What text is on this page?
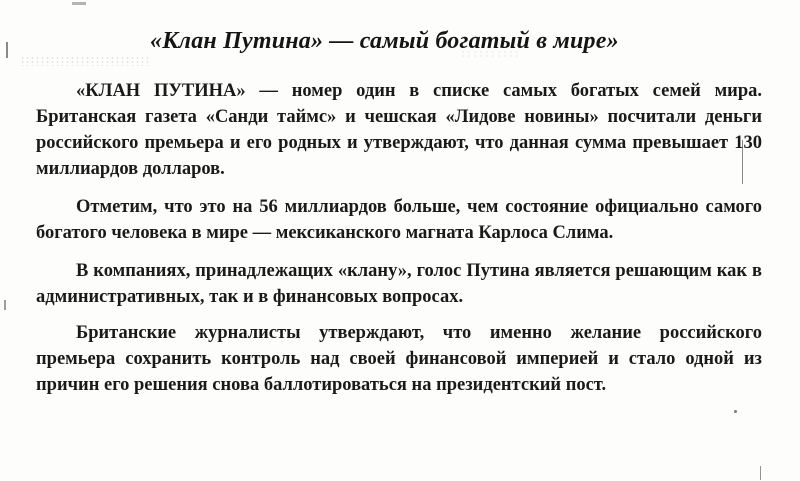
«Клан Путина» — самый богатый в мире»

«КЛАН ПУТИНА» — номер один в списке самых богатых семей мира. Британская газета «Санди таймс» и чешская «Лидове новины» посчитали деньги российского премьера и его родных и утверждают, что данная сумма превышает 130 миллиардов долларов.

Отметим, что это на 56 миллиардов больше, чем состояние официально самого богатого человека в мире — мексиканского магната Карлоса Слима.

В компаниях, принадлежащих «клану», голос Путина является решающим как в административных, так и в финансовых вопросах.

Британские журналисты утверждают, что именно желание российского премьера сохранить контроль над своей финансовой империей и стало одной из причин его решения снова баллотироваться на президентский пост.
